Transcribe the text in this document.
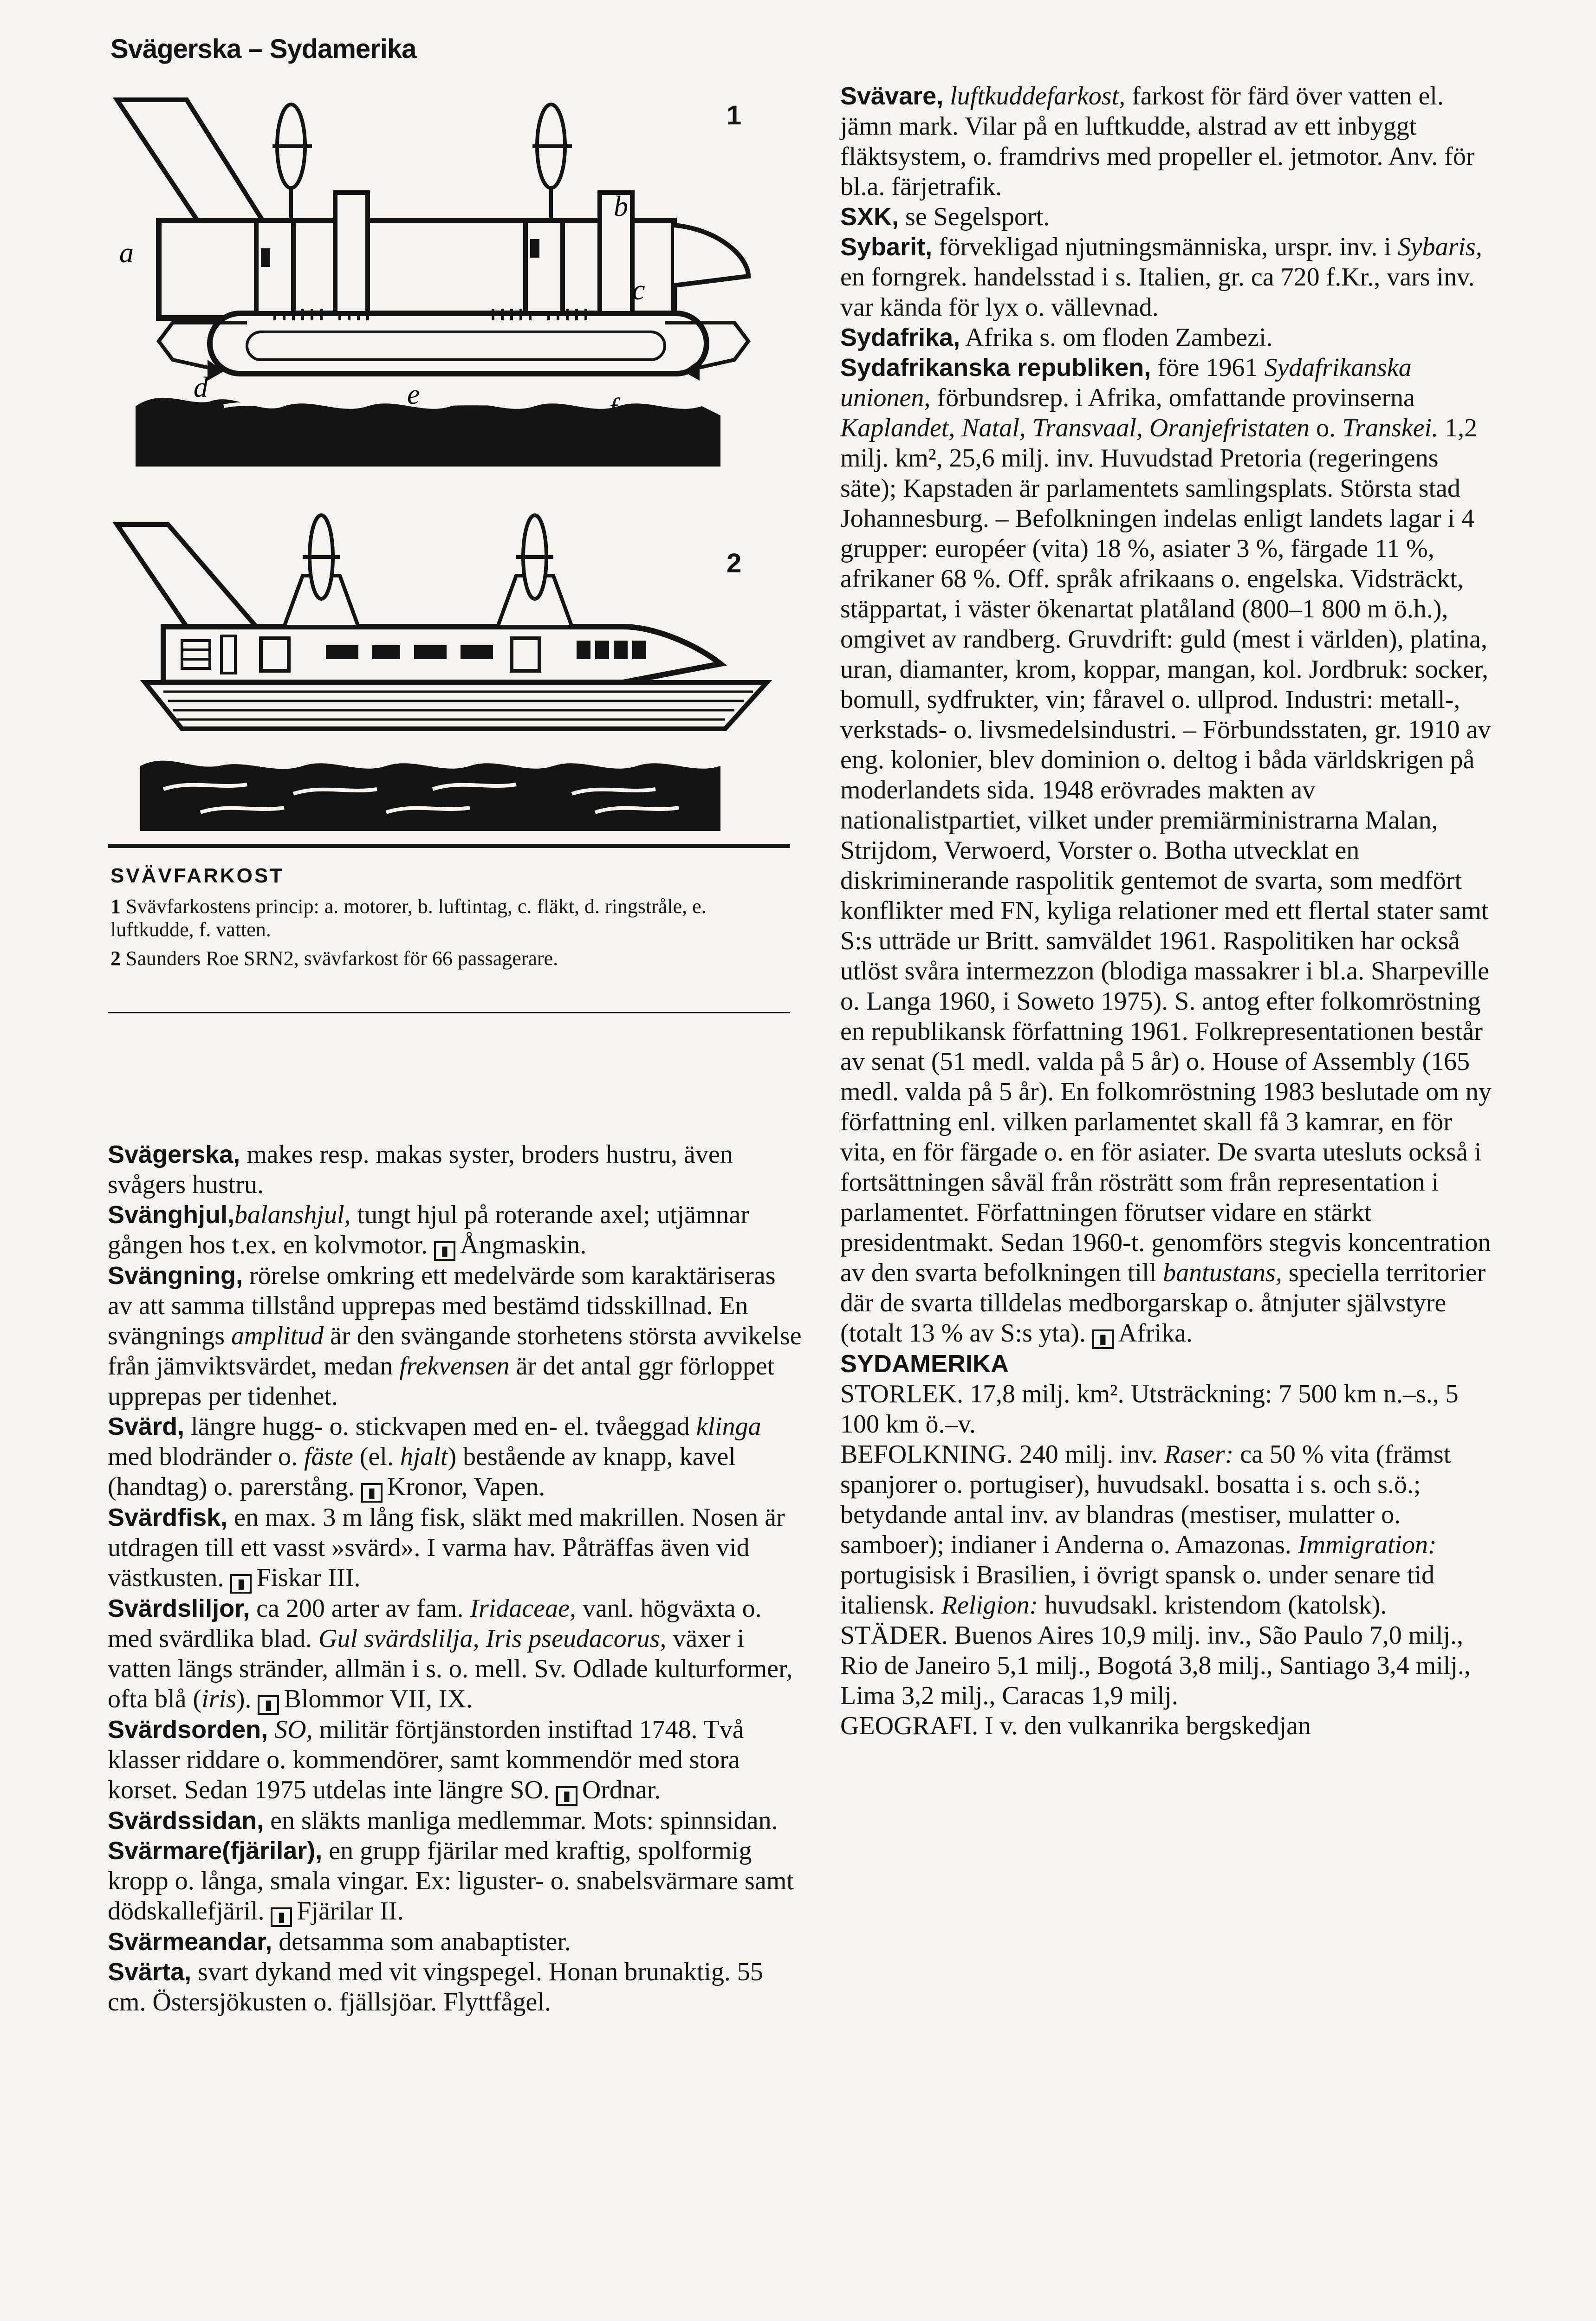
Svägerska – Sydamerika
a
b
c
d	e	f
1
2
SVÄVFARKOST

1 Svävfarkostens princip: a. motorer, b. luftintag, c. fläkt, d. ringstråle, e. luftkudde, f. vatten.

2 Saunders Roe SRN2, svävfarkost för 66 passagerare.

Svägerska, makes resp. makas syster, broders hustru, även svågers hustru.

Svänghjul,balanshjul, tungt hjul på roterande axel; utjämnar gången hos t.ex. en kolvmotor. ▮ Ångmaskin.

Svängning, rörelse omkring ett medelvärde som karaktäriseras av att samma tillstånd upprepas med bestämd tidsskillnad. En svängnings amplitud är den svängande storhetens största avvikelse från jämviktsvärdet, medan frekvensen är det antal ggr förloppet upprepas per tidenhet.

Svärd, längre hugg- o. stickvapen med en- el. tvåeggad klinga med blodränder o. fäste (el. hjalt) bestående av knapp, kavel (handtag) o. parerstång. ▮ Kronor, Vapen.

Svärdfisk, en max. 3 m lång fisk, släkt med makrillen. Nosen är utdragen till ett vasst »svärd». I varma hav. Påträffas även vid västkusten. ▮ Fiskar III.

Svärdsliljor, ca 200 arter av fam. Iridaceae, vanl. högväxta o. med svärdlika blad. Gul svärdslilja, Iris pseudacorus, växer i vatten längs stränder, allmän i s. o. mell. Sv. Odlade kulturformer, ofta blå (iris). ▮ Blommor VII, IX.

Svärdsorden, SO, militär förtjänstorden instiftad 1748. Två klasser riddare o. kommendörer, samt kommendör med stora korset. Sedan 1975 utdelas inte längre SO. ▮ Ordnar.

Svärdssidan, en släkts manliga medlemmar. Mots: spinnsidan.

Svärmare(fjärilar), en grupp fjärilar med kraftig, spolformig kropp o. långa, smala vingar. Ex: liguster- o. snabelsvärmare samt dödskallefjäril. ▮ Fjärilar II.

Svärmeandar, detsamma som anabaptister.

Svärta, svart dykand med vit vingspegel. Honan brunaktig. 55 cm. Östersjökusten o. fjällsjöar. Flyttfågel.

Svävare, luftkuddefarkost, farkost för färd över vatten el. jämn mark. Vilar på en luftkudde, alstrad av ett inbyggt fläktsystem, o. framdrivs med propeller el. jetmotor. Anv. för bl.a. färjetrafik.

SXK, se Segelsport.

Sybarit, förvekligad njutningsmänniska, urspr. inv. i Sybaris, en forngrek. handelsstad i s. Italien, gr. ca 720 f.Kr., vars inv. var kända för lyx o. vällevnad.

Sydafrika, Afrika s. om floden Zambezi.

Sydafrikanska republiken, före 1961 Sydafrikanska unionen, förbundsrep. i Afrika, omfattande provinserna Kaplandet, Natal, Transvaal, Oranjefristaten o. Transkei. 1,2 milj. km², 25,6 milj. inv. Huvudstad Pretoria (regeringens säte); Kapstaden är parlamentets samlingsplats. Största stad Johannesburg. – Befolkningen indelas enligt landets lagar i 4 grupper: européer (vita) 18 %, asiater 3 %, färgade 11 %, afrikaner 68 %. Off. språk afrikaans o. engelska. Vidsträckt, stäppartat, i väster ökenartat platåland (800–1 800 m ö.h.), omgivet av randberg. Gruvdrift: guld (mest i världen), platina, uran, diamanter, krom, koppar, mangan, kol. Jordbruk: socker, bomull, sydfrukter, vin; fåravel o. ullprod. Industri: metall-, verkstads- o. livsmedelsindustri. – Förbundsstaten, gr. 1910 av eng. kolonier, blev dominion o. deltog i båda världskrigen på moderlandets sida. 1948 erövrades makten av nationalistpartiet, vilket under premiärministrarna Malan, Strijdom, Verwoerd, Vorster o. Botha utvecklat en diskriminerande raspolitik gentemot de svarta, som medfört konflikter med FN, kyliga relationer med ett flertal stater samt S:s utträde ur Britt. samväldet 1961. Raspolitiken har också utlöst svåra intermezzon (blodiga massakrer i bl.a. Sharpeville o. Langa 1960, i Soweto 1975). S. antog efter folkomröstning en republikansk författning 1961. Folkrepresentationen består av senat (51 medl. valda på 5 år) o. House of Assembly (165 medl. valda på 5 år). En folkomröstning 1983 beslutade om ny författning enl. vilken parlamentet skall få 3 kamrar, en för vita, en för färgade o. en för asiater. De svarta utesluts också i fortsättningen såväl från rösträtt som från representation i parlamentet. Författningen förutser vidare en stärkt presidentmakt. Sedan 1960-t. genomförs stegvis koncentration av den svarta befolkningen till bantustans, speciella territorier där de svarta tilldelas medborgarskap o. åtnjuter självstyre (totalt 13 % av S:s yta). ▮ Afrika.

SYDAMERIKA

STORLEK. 17,8 milj. km². Utsträckning: 7 500 km n.–s., 5 100 km ö.–v.

BEFOLKNING. 240 milj. inv. Raser: ca 50 % vita (främst spanjorer o. portugiser), huvudsakl. bosatta i s. och s.ö.; betydande antal inv. av blandras (mestiser, mulatter o. samboer); indianer i Anderna o. Amazonas. Immigration: portugisisk i Brasilien, i övrigt spansk o. under senare tid italiensk. Religion: huvudsakl. kristendom (katolsk).

STÄDER. Buenos Aires 10,9 milj. inv., São Paulo 7,0 milj., Rio de Janeiro 5,1 milj., Bogotá 3,8 milj., Santiago 3,4 milj., Lima 3,2 milj., Caracas 1,9 milj.

GEOGRAFI. I v. den vulkanrika bergskedjan
